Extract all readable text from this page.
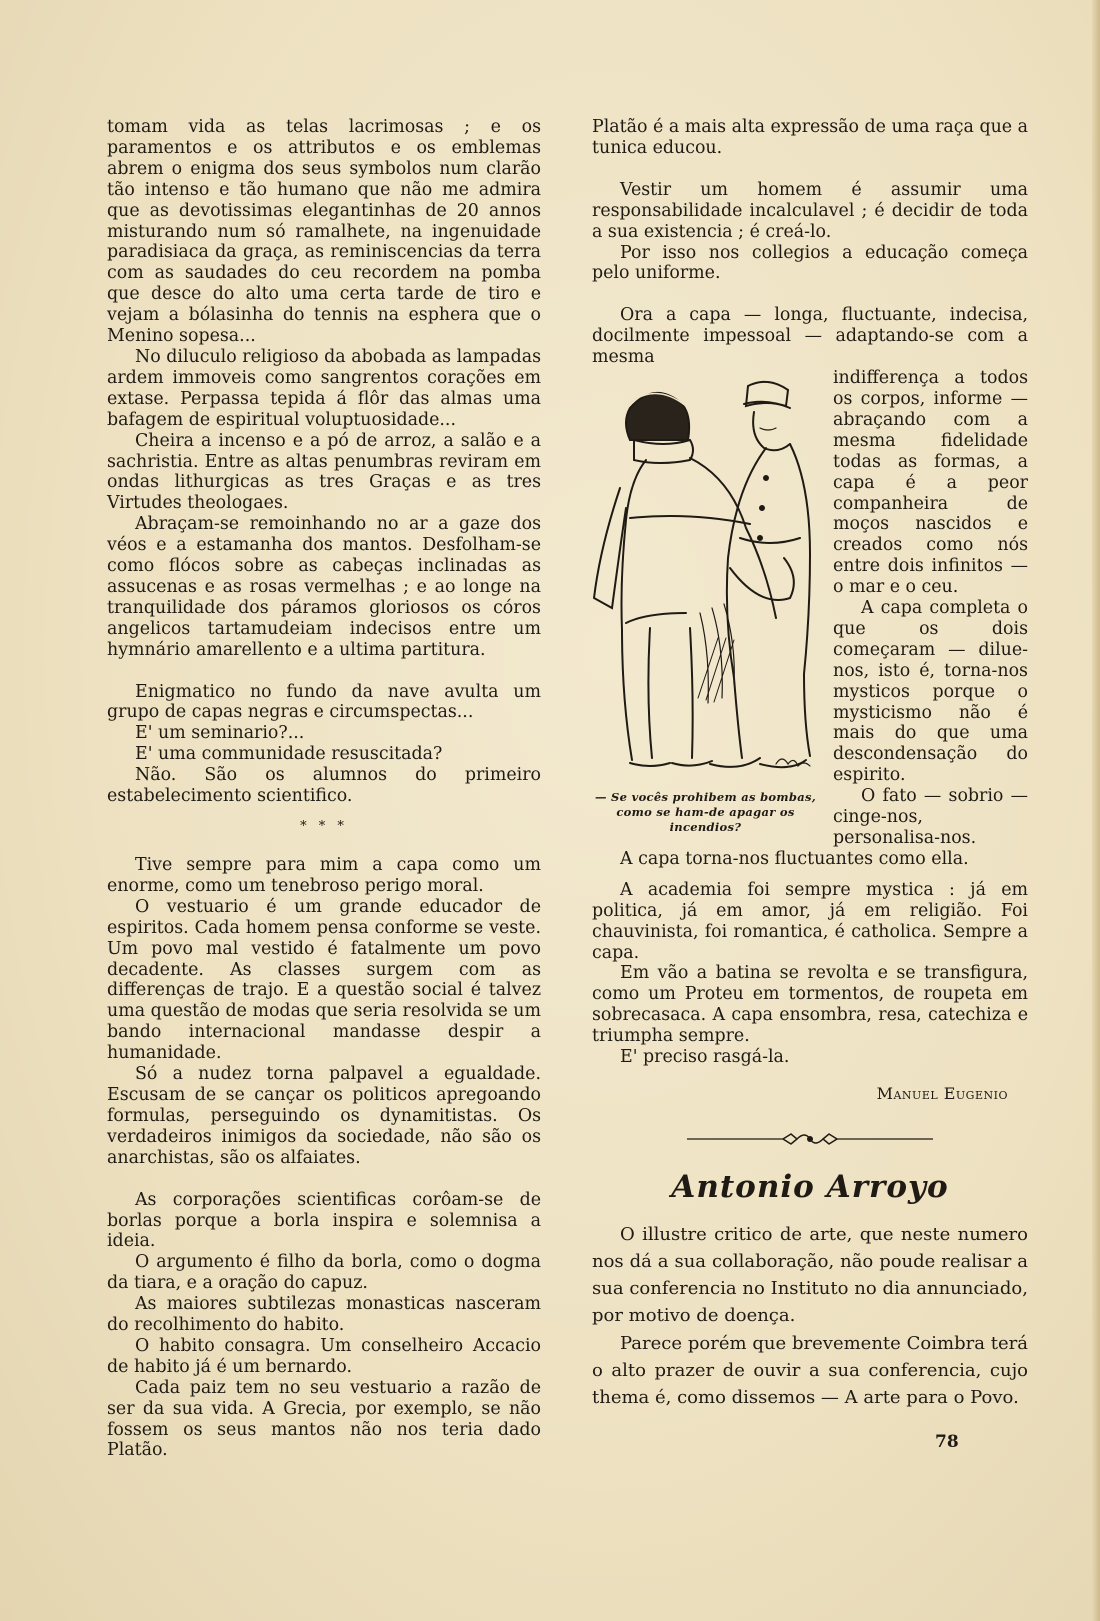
tomam vida as telas lacrimosas ; e os paramentos e os attributos e os emblemas abrem o enigma dos seus symbolos num clarão tão intenso e tão humano que não me admira que as devotissimas elegantinhas de 20 annos misturando num só ramalhete, na ingenuidade paradisiaca da graça, as reminiscencias da terra com as saudades do ceu recordem na pomba que desce do alto uma certa tarde de tiro e vejam a bólasinha do tennis na esphera que o Menino sopesa...

No diluculo religioso da abobada as lampadas ardem immoveis como sangrentos corações em extase. Perpassa tepida á flôr das almas uma bafagem de espiritual voluptuosidade...

Cheira a incenso e a pó de arroz, a salão e a sachristia. Entre as altas penumbras reviram em ondas lithurgicas as tres Graças e as tres Virtudes theologaes.

Abraçam-se remoinhando no ar a gaze dos véos e a estamanha dos mantos. Desfolham-se como flócos sobre as cabeças inclinadas as assucenas e as rosas vermelhas ; e ao longe na tranquilidade dos páramos gloriosos os córos angelicos tartamudeiam indecisos entre um hymnário amarellento e a ultima partitura.

Enigmatico no fundo da nave avulta um grupo de capas negras e circumspectas...

E' um seminario?...

E' uma communidade resuscitada?

Não. São os alumnos do primeiro estabelecimento scientifico.

* * *

Tive sempre para mim a capa como um enorme, como um tenebroso perigo moral.

O vestuario é um grande educador de espiritos. Cada homem pensa conforme se veste. Um povo mal vestido é fatalmente um povo decadente. As classes surgem com as differenças de trajo. E a questão social é talvez uma questão de modas que seria resolvida se um bando internacional mandasse despir a humanidade.

Só a nudez torna palpavel a egualdade. Escusam de se cançar os politicos apregoando formulas, perseguindo os dynamitistas. Os verdadeiros inimigos da sociedade, não são os anarchistas, são os alfaiates.

As corporações scientificas corôam-se de borlas porque a borla inspira e solemnisa a ideia.

O argumento é filho da borla, como o dogma da tiara, e a oração do capuz.

As maiores subtilezas monasticas nasceram do recolhimento do habito.

O habito consagra. Um conselheiro Accacio de habito já é um bernardo.

Cada paiz tem no seu vestuario a razão de ser da sua vida. A Grecia, por exemplo, se não fossem os seus mantos não nos teria dado Platão.

Platão é a mais alta expressão de uma raça que a tunica educou.

Vestir um homem é assumir uma responsabilidade incalculavel ; é decidir de toda a sua existencia ; é creá-lo.

Por isso nos collegios a educação começa pelo uniforme.

Ora a capa — longa, fluctuante, indecisa, docilmente impessoal — adaptando-se com a mesma
— Se vocês prohibem as bombas,
como se ham-de apagar os incendios?
indifferença a todos os corpos, informe — abraçando com a mesma fidelidade todas as formas, a capa é a peor companheira de moços nascidos e creados como nós entre dois infinitos — o mar e o ceu.

A capa completa o que os dois começaram — dilue-nos, isto é, torna-nos mysticos porque o mysticismo não é mais do que uma descondensação do espirito.

O fato — sobrio — cinge-nos, personalisa-nos.

A capa torna-nos fluctuantes como ella.

A academia foi sempre mystica : já em politica, já em amor, já em religião. Foi chauvinista, foi romantica, é catholica. Sempre a capa.

Em vão a batina se revolta e se transfigura, como um Proteu em tormentos, de roupeta em sobrecasaca. A capa ensombra, resa, catechiza e triumpha sempre.

E' preciso rasgá-la.

Manuel Eugenio
Antonio Arroyo

O illustre critico de arte, que neste numero nos dá a sua collaboração, não poude realisar a sua conferencia no Instituto no dia annunciado, por motivo de doença.

Parece porém que brevemente Coimbra terá o alto prazer de ouvir a sua conferencia, cujo thema é, como dissemos — A arte para o Povo.

78
